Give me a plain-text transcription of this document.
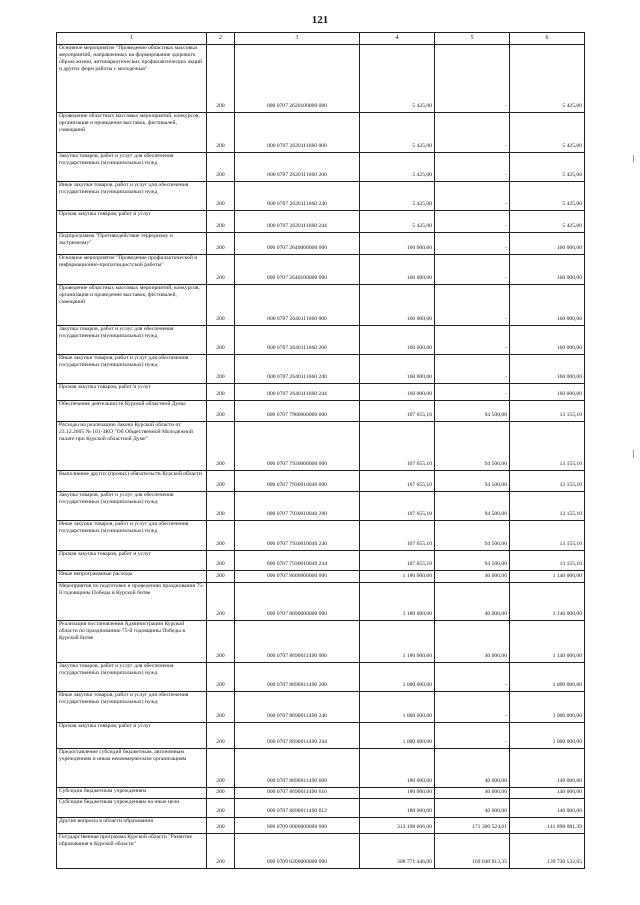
121
1	2	3	4	5	6
Основное мероприятие "Проведение областных массовых мероприятий, направленных на формирование здорового образа жизни, антинаркотических профилактических акций и других форм работы с молодежью"	200	000 0707 2620100000 000	5 425,00	-	5 425,00
Проведение областных массовых мероприятий, конкурсов, организация и проведение выставок, фестивалей, совещаний	200	000 0707 2620111660 000	5 425,00	-	5 425,00
Закупка товаров, работ и услуг для обеспечения государственных (муниципальных) нужд	200	000 0707 2620111660 200	5 425,00	-	5 425,00
Иные закупки товаров, работ и услуг для обеспечения государственных (муниципальных) нужд	200	000 0707 2620111660 240	5 425,00	-	5 425,00
Прочая закупка товаров, работ и услуг	200	000 0707 2620111660 244	5 425,00	-	5 425,00
Подпрограмма "Противодействие терроризму и экстремизму"	200	000 0707 2640000000 000	160 000,00	-	160 000,00
Основное мероприятие "Проведение профилактической и информационно-пропагандистской работы"	200	000 0707 2640100000 000	160 000,00	-	160 000,00
Проведение областных массовых мероприятий, конкурсов, организация и проведение выставок, фестивалей, совещаний	200	000 0707 2640111660 000	160 000,00	-	160 000,00
Закупка товаров, работ и услуг для обеспечения государственных (муниципальных) нужд	200	000 0707 2640111660 200	160 000,00	-	160 000,00
Иные закупки товаров, работ и услуг для обеспечения государственных (муниципальных) нужд	200	000 0707 2640111660 240	160 000,00	-	160 000,00
Прочая закупка товаров, работ и услуг	200	000 0707 2640111660 244	160 000,00	-	160 000,00
Обеспечение деятельности Курской областной Думы	200	000 0707 7900000000 000	107 655,10	94 500,00	13 155,10
Расходы на реализацию Закона Курской области от 23.12.2005 № 101-ЗКО "Об Общественной Молодежной палате при Курской областной Думе"	200	000 0707 7930000000 000	107 655,10	94 500,00	13 155,10
Выполнение других (прочих) обязательств Курской области	200	000 0707 7930010040 000	107 655,10	94 500,00	13 155,10
Закупка товаров, работ и услуг для обеспечения государственных (муниципальных) нужд	200	000 0707 7930010040 200	107 655,10	94 500,00	13 155,10
Иные закупки товаров, работ и услуг для обеспечения государственных (муниципальных) нужд	200	000 0707 7930010040 240	107 655,10	94 500,00	13 155,10
Прочая закупка товаров, работ и услуг	200	000 0707 7930010040 244	107 655,10	94 500,00	13 155,10
Иные непрограммные расходы	200	000 0707 8600000000 000	1 180 000,00	40 000,00	1 140 000,00
Мероприятия по подготовке и проведению празднования 75-й годовщины Победы в Курской битве	200	000 0707 8690000000 000	1 180 000,00	40 000,00	1 140 000,00
Реализация постановления Администрации Курской области по празднованию 75-й годовщины Победы в Курской битве	200	000 0707 8690011490 000	1 180 000,00	40 000,00	1 140 000,00
Закупка товаров, работ и услуг для обеспечения государственных (муниципальных) нужд	200	000 0707 8690011490 200	1 000 000,00	-	1 000 000,00
Иные закупки товаров, работ и услуг для обеспечения государственных (муниципальных) нужд	200	000 0707 8690011490 240	1 000 000,00	-	1 000 000,00
Прочая закупка товаров, работ и услуг	200	000 0707 8690011490 244	1 000 000,00	-	1 000 000,00
Предоставление субсидий бюджетным, автономным учреждениям и иным некоммерческим организациям	200	000 0707 8690011490 600	180 000,00	40 000,00	140 000,00
Субсидии бюджетным учреждениям	200	000 0707 8690011490 610	180 000,00	40 000,00	140 000,00
Субсидии бюджетным учреждениям на иные цели	200	000 0707 8690011490 612	180 000,00	40 000,00	140 000,00
Другие вопросы в области образования	200	000 0709 0000000000 000	313 198 606,00	171 300 524,61	141 898 081,39
Государственная программа Курской области "Развитие образования в Курской области"	200	000 0709 0200000000 000	308 771 446,00	169 040 913,35	139 730 532,65
